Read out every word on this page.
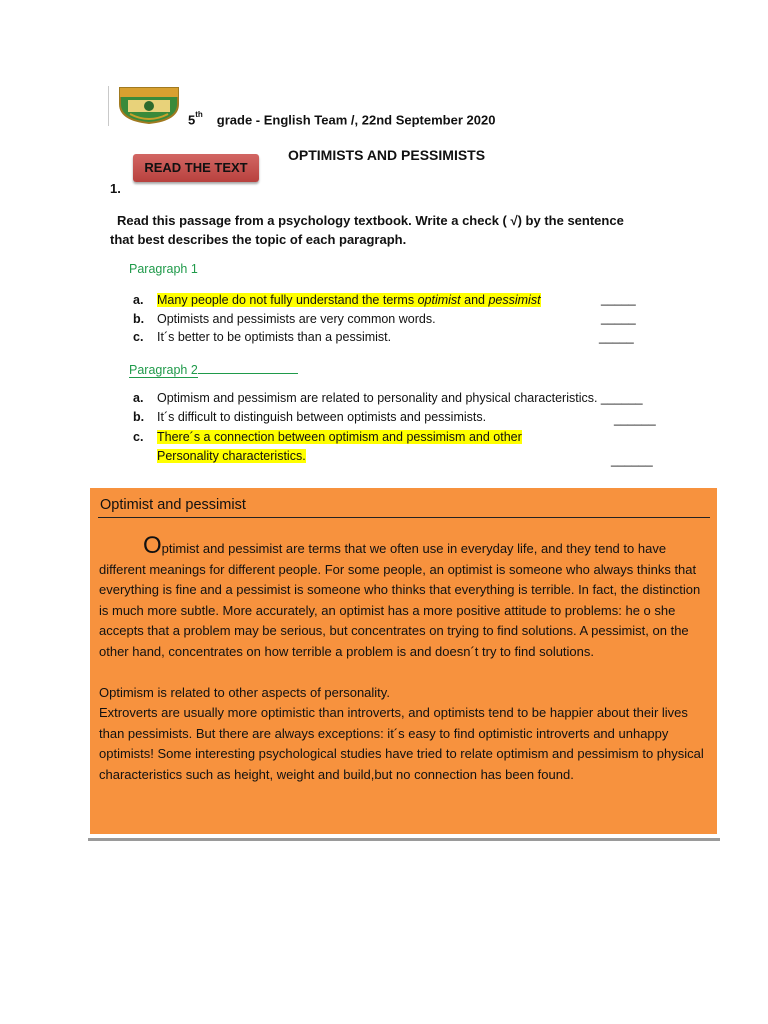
5th grade - English Team /, 22nd September 2020
OPTIMISTS AND PESSIMISTS
READ THE TEXT
1.
Read this passage from a psychology textbook. Write a check ( √) by the sentence that best describes the topic of each paragraph.
Paragraph 1
a. Many people do not fully understand the terms optimist and pessimist	_____
b. Optimists and pessimists are very common words.	_____
c. It´s better to be optimists than a pessimist.	_____
Paragraph 2
a. Optimism and pessimism are related to personality and physical characteristics. ______
b. It´s difficult to distinguish between optimists and pessimists.	______
c. There´s a connection between optimism and pessimism and other
Personality characteristics.	______
Optimist and pessimist

Optimist and pessimist are terms that we often use in everyday life, and they tend to have different meanings for different people. For some people, an optimist is someone who always thinks that everything is fine and a pessimist is someone who thinks that everything is terrible. In fact, the distinction is much more subtle. More accurately, an optimist has a more positive attitude to problems: he o she accepts that a problem may be serious, but concentrates on trying to find solutions. A pessimist, on the other hand, concentrates on how terrible a problem is and doesn´t try to find solutions.

Optimism is related to other aspects of personality.

Extroverts are usually more optimistic than introverts, and optimists tend to be happier about their lives than pessimists. But there are always exceptions: it´s easy to find optimistic introverts and unhappy optimists! Some interesting psychological studies have tried to relate optimism and pessimism to physical characteristics such as height, weight and build,but no connection has been found.
